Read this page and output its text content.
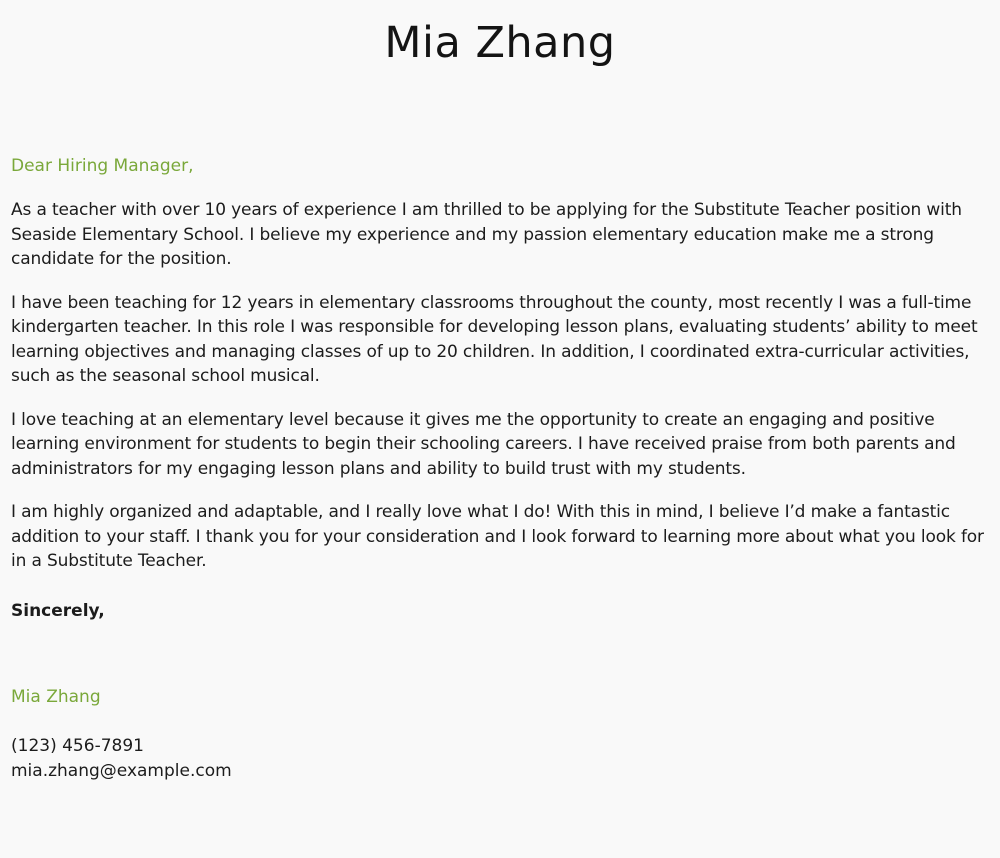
Mia Zhang

Dear Hiring Manager,

As a teacher with over 10 years of experience I am thrilled to be applying for the Substitute Teacher position with Seaside Elementary School. I believe my experience and my passion elementary education make me a strong candidate for the position.

I have been teaching for 12 years in elementary classrooms throughout the county, most recently I was a full-time kindergarten teacher. In this role I was responsible for developing lesson plans, evaluating students’ ability to meet learning objectives and managing classes of up to 20 children. In addition, I coordinated extra-curricular activities, such as the seasonal school musical.

I love teaching at an elementary level because it gives me the opportunity to create an engaging and positive learning environment for students to begin their schooling careers. I have received praise from both parents and administrators for my engaging lesson plans and ability to build trust with my students.

I am highly organized and adaptable, and I really love what I do! With this in mind, I believe I’d make a fantastic addition to your staff. I thank you for your consideration and I look forward to learning more about what you look for in a Substitute Teacher.

Sincerely,

Mia Zhang

(123) 456-7891
mia.zhang@example.com
